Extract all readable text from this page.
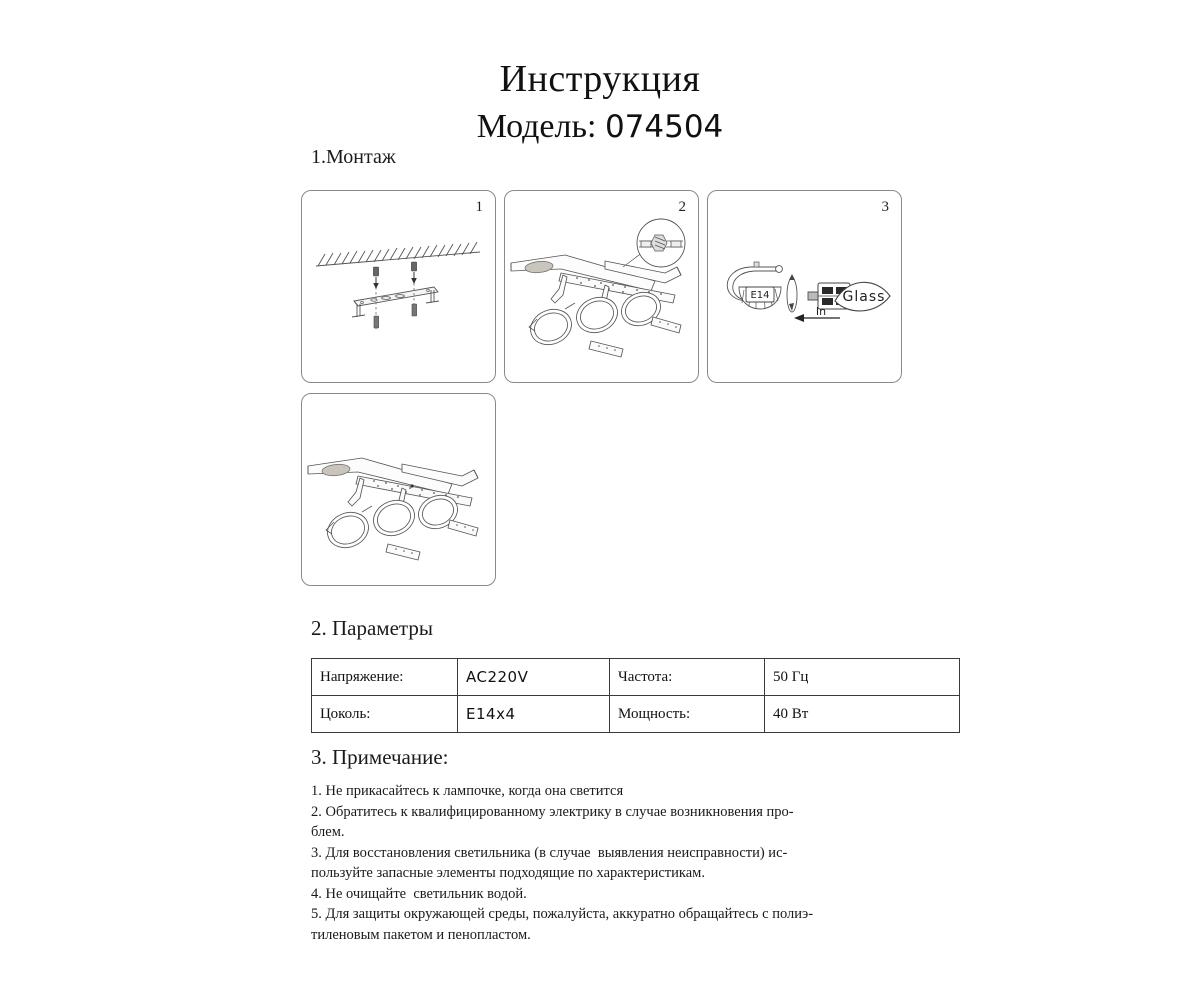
Инструкция
Модель: 074504
1.Монтаж
1	2	3
E14	Glass
In
2. Параметры
Напряжение:	AC220V	Частота:	50 Гц
Цоколь:	E14x4	Мощность:	40 Вт
3. Примечание:
1. Не прикасайтесь к лампочке, когда она светится
2. Обратитесь к квалифицированному электрику в случае возникновения про-
блем.
3. Для восстановления светильника (в случае  выявления неисправности) ис-
пользуйте запасные элементы подходящие по характеристикам.
4. Не очищайте  светильник водой.
5. Для защиты окружающей среды, пожалуйста, аккуратно обращайтесь с полиэ-
тиленовым пакетом и пенопластом.
